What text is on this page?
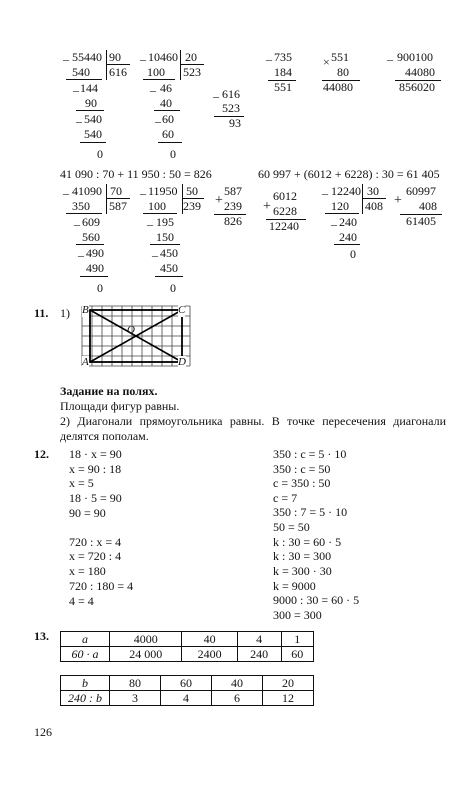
_ 55440 90
616
540
_ 144
90
_ 540
540
0
_ 10460 20
523
100
_ 46
40
_ 60
60
0
_ 616
523
93
_ 735
184
551
× 551
80
44080
_ 900100
44080
856020
41 090 : 70 + 11 950 : 50 = 826	60 997 + (6012 + 6228) : 30 = 61 405
_ 41090 70
587
350
_ 609
560
_ 490
490
0
_ 11950 50
239
100
_ 195
150
_ 450
450
0
+
587
239
826
+
6012
6228
12240
_ 12240 30
408
120
_ 240
240
0
+
60997
408
61405
11. 1) B	C
A	D
O
Задание на полях.
Площади фигур равны.
2) Диагонали прямоугольника равны. В точке пересечения диагонали делятся пополам.
12. 18 · x = 90
x = 90 : 18
x = 5
18 · 5 = 90
90 = 90
720 : x = 4
x = 720 : 4
x = 180
720 : 180 = 4
4 = 4
350 : c = 5 · 10
350 : c = 50
c = 350 : 50
c = 7
350 : 7 = 5 · 10
50 = 50
k : 30 = 60 · 5
k : 30 = 300
k = 300 · 30
k = 9000
9000 : 30 = 60 · 5
300 = 300
13.	a	4000	40	4	1
60 · a	24 000	2400	240	60
b	80	60	40	20
240 : b	3	4	6	12
126
